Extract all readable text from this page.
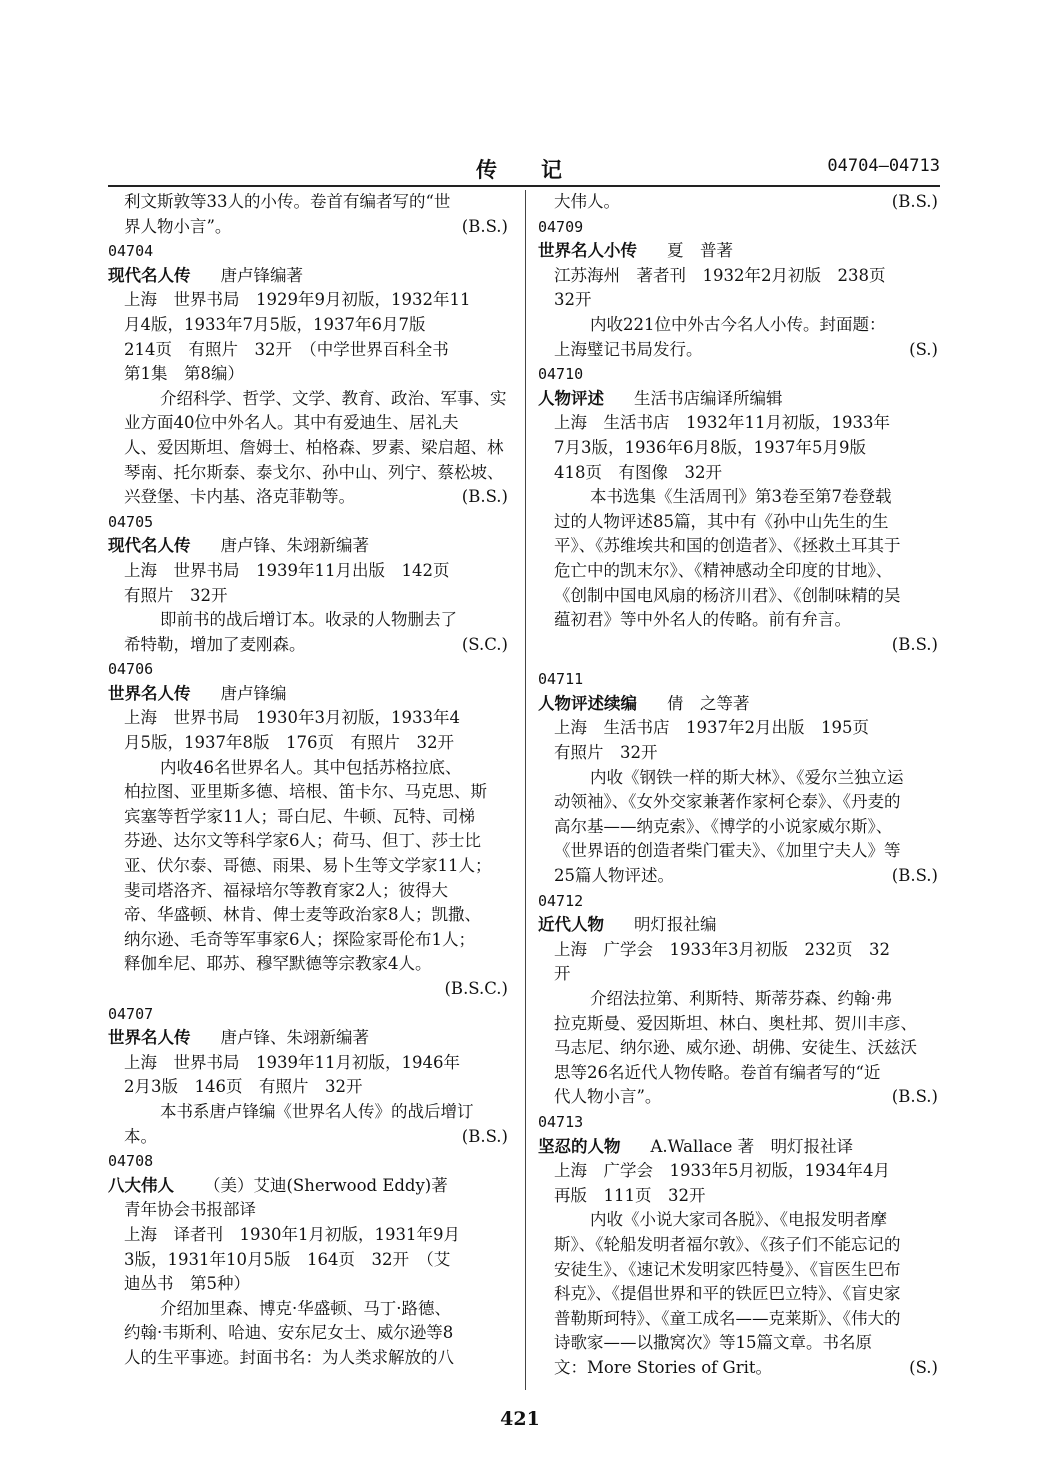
传记	04704—04713
利文斯敦等33人的小传。卷首有编者写的“世
界人物小言”。	(B.S.)
04704
现代名人传 唐卢锋编著
上海　世界书局　1929年9月初版，1932年11
月4版，1933年7月5版，1937年6月7版
214页　有照片　32开　（中学世界百科全书
第1集　第8编）
介绍科学、哲学、文学、教育、政治、军事、实
业方面40位中外名人。其中有爱迪生、居礼夫
人、爱因斯坦、詹姆士、柏格森、罗素、梁启超、林
琴南、托尔斯泰、泰戈尔、孙中山、列宁、蔡松坡、
兴登堡、卡内基、洛克菲勒等。	(B.S.)
04705
现代名人传 唐卢锋、朱翊新编著
上海　世界书局　1939年11月出版　142页
有照片　32开
即前书的战后增订本。收录的人物删去了
希特勒，增加了麦刚森。	(S.C.)
04706
世界名人传 唐卢锋编
上海　世界书局　1930年3月初版，1933年4
月5版，1937年8版　176页　有照片　32开
内收46名世界名人。其中包括苏格拉底、
柏拉图、亚里斯多德、培根、笛卡尔、马克思、斯
宾塞等哲学家11人；哥白尼、牛顿、瓦特、司梯
芬逊、达尔文等科学家6人；荷马、但丁、莎士比
亚、伏尔泰、哥德、雨果、易卜生等文学家11人；
斐司塔洛齐、福禄培尔等教育家2人；彼得大
帝、华盛顿、林肯、俾士麦等政治家8人；凯撒、
纳尔逊、毛奇等军事家6人；探险家哥伦布1人；
释伽牟尼、耶苏、穆罕默德等宗教家4人。
(B.S.C.)
04707
世界名人传 唐卢锋、朱翊新编著
上海　世界书局　1939年11月初版，1946年
2月3版　146页　有照片　32开
本书系唐卢锋编《世界名人传》的战后增订
本。	(B.S.)
04708
八大伟人 （美）艾迪(Sherwood Eddy)著
青年协会书报部译
上海　译者刊　1930年1月初版，1931年9月
3版，1931年10月5版　164页　32开　（艾
迪丛书　第5种）
介绍加里森、博克·华盛顿、马丁·路德、
约翰·韦斯利、哈迪、安东尼女士、威尔逊等8
人的生平事迹。封面书名：为人类求解放的八
大伟人。	(B.S.)
04709
世界名人小传 夏　普著
江苏海州　著者刊　1932年2月初版　238页
32开
内收221位中外古今名人小传。封面题：
上海璧记书局发行。	(S.)
04710
人物评述 生活书店编译所编辑
上海　生活书店　1932年11月初版，1933年
7月3版，1936年6月8版，1937年5月9版
418页　有图像　32开
本书选集《生活周刊》第3卷至第7卷登载
过的人物评述85篇，其中有《孙中山先生的生
平》、《苏维埃共和国的创造者》、《拯救土耳其于
危亡中的凯末尔》、《精神感动全印度的甘地》、
《创制中国电风扇的杨济川君》、《创制味精的吴
蕴初君》等中外名人的传略。前有弁言。
(B.S.)
04711
人物评述续编 倩　之等著
上海　生活书店　1937年2月出版　195页
有照片　32开
内收《钢铁一样的斯大林》、《爱尔兰独立运
动领袖》、《女外交家兼著作家柯仑泰》、《丹麦的
高尔基——纳克索》、《博学的小说家威尔斯》、
《世界语的创造者柴门霍夫》、《加里宁夫人》等
25篇人物评述。	(B.S.)
04712
近代人物 明灯报社编
上海　广学会　1933年3月初版　232页　32
开
介绍法拉第、利斯特、斯蒂芬森、约翰·弗
拉克斯曼、爱因斯坦、林白、奥杜邦、贺川丰彦、
马志尼、纳尔逊、威尔逊、胡佛、安徒生、沃兹沃
思等26名近代人物传略。卷首有编者写的“近
代人物小言”。	(B.S.)
04713
坚忍的人物 A.Wallace 著　明灯报社译
上海　广学会　1933年5月初版，1934年4月
再版　111页　32开
内收《小说大家司各脱》、《电报发明者摩
斯》、《轮船发明者福尔敦》、《孩子们不能忘记的
安徒生》、《速记术发明家匹特曼》、《盲医生巴布
科克》、《提倡世界和平的铁匠巴立特》、《盲史家
普勒斯珂特》、《童工成名——克莱斯》、《伟大的
诗歌家——以撒窝次》等15篇文章。书名原
文：More Stories of Grit。	(S.)
421
